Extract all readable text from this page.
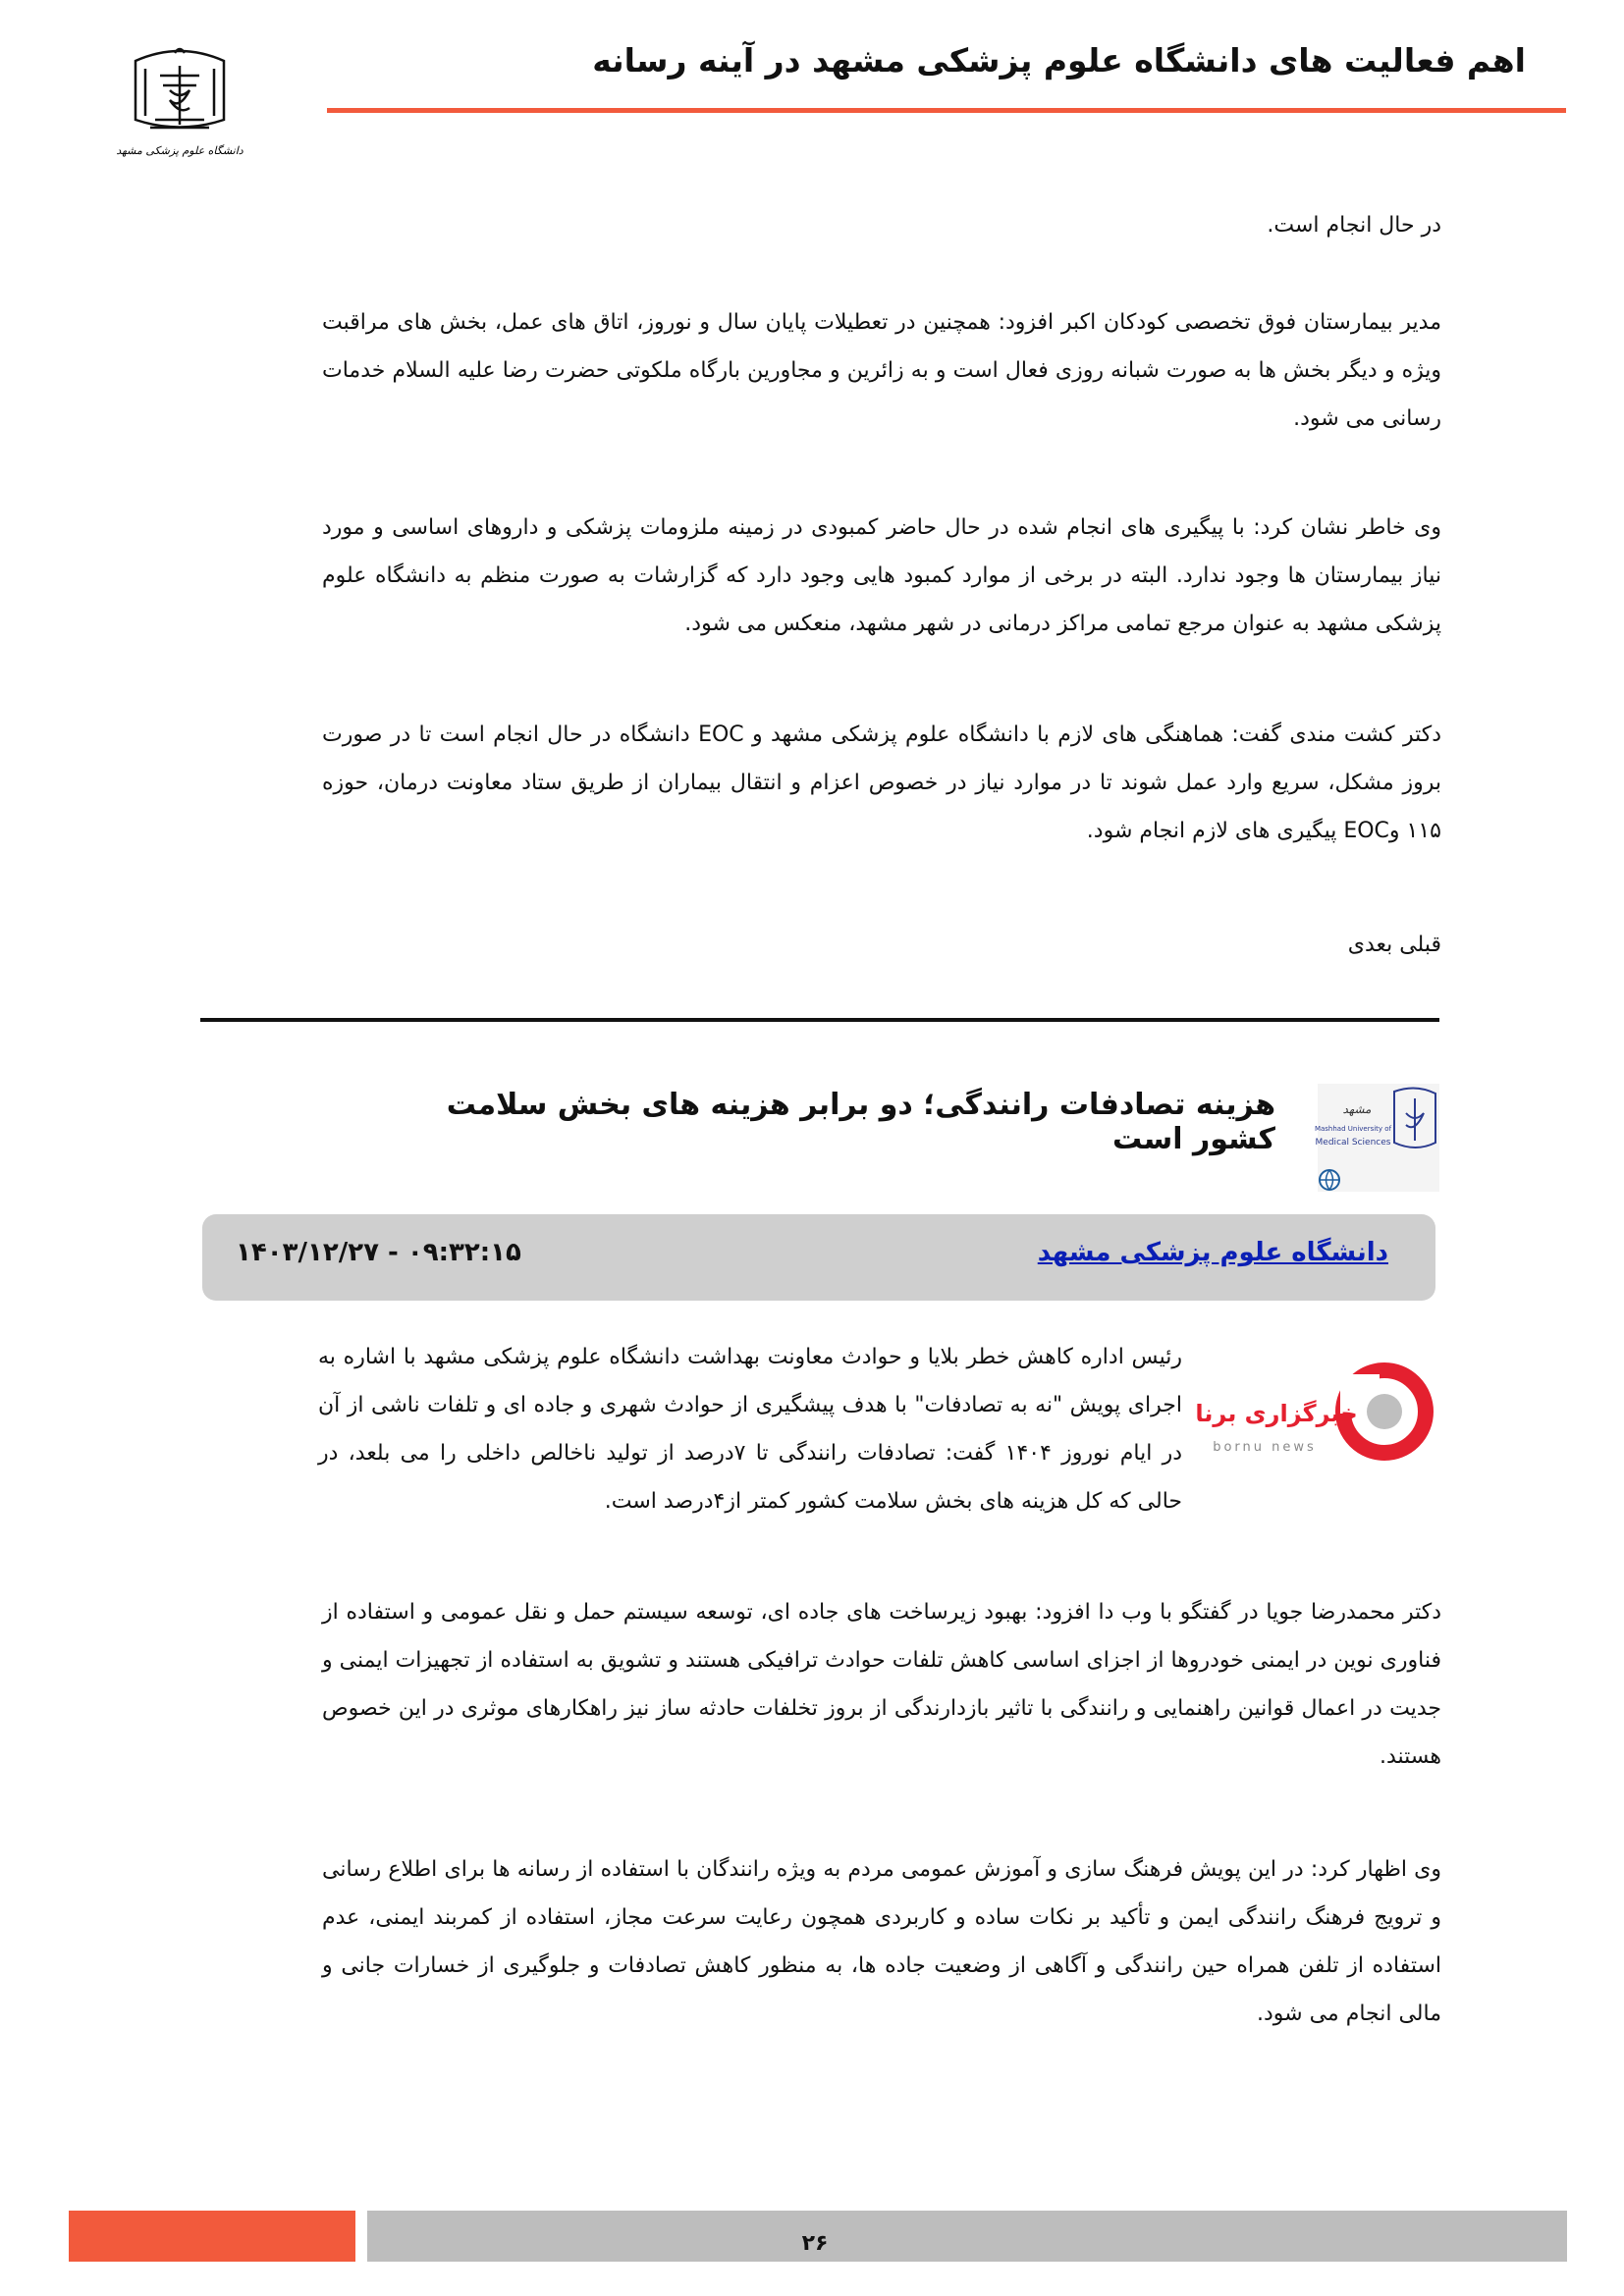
اهم فعالیت های دانشگاه علوم پزشکی مشهد در آینه رسانه
دانشگاه علوم پزشکی مشهد
در حال انجام است.
مدیر بیمارستان فوق تخصصی کودکان اکبر افزود: همچنین در تعطیلات پایان سال و نوروز، اتاق های عمل، بخش های مراقبت ویژه و دیگر بخش ها به صورت شبانه روزی فعال است و به زائرین و مجاورین بارگاه ملکوتی حضرت رضا علیه السلام خدمات رسانی می شود.
وی خاطر نشان کرد: با پیگیری های انجام شده در حال حاضر کمبودی در زمینه ملزومات پزشکی و داروهای اساسی و مورد نیاز بیمارستان ها وجود ندارد. البته در برخی از موارد کمبود هایی وجود دارد که گزارشات به صورت منظم به دانشگاه علوم پزشکی مشهد به عنوان مرجع تمامی مراکز درمانی در شهر مشهد، منعکس می شود.
دکتر کشت مندی گفت: هماهنگی های لازم با دانشگاه علوم پزشکی مشهد و EOC دانشگاه در حال انجام است تا در صورت بروز مشکل، سریع وارد عمل شوند تا در موارد نیاز در خصوص اعزام و انتقال بیماران از طریق ستاد معاونت درمان، حوزه ۱۱۵ وEOC پیگیری های لازم انجام شود.
قبلی بعدی
هزینه تصادفات رانندگی؛ دو برابر هزینه های بخش سلامت کشور است
مشهد
Mashhad University of
Medical Sciences
دانشگاه علوم پزشکی مشهد
۱۴۰۳/۱۲/۲۷ - ۰۹:۳۲:۱۵
خبرگزاری برنا
bornu news
رئیس اداره کاهش خطر بلایا و حوادث معاونت بهداشت دانشگاه علوم پزشکی مشهد با اشاره به اجرای پویش "نه به تصادفات" با هدف پیشگیری از حوادث شهری و جاده ای و تلفات ناشی از آن در ایام نوروز ۱۴۰۴ گفت: تصادفات رانندگی تا ۷درصد از تولید ناخالص داخلی را می بلعد، در حالی که کل هزینه های بخش سلامت کشور کمتر از۴درصد است.
دکتر محمدرضا جویا در گفتگو با وب دا افزود: بهبود زیرساخت های جاده ای، توسعه سیستم حمل و نقل عمومی و استفاده از فناوری نوین در ایمنی خودروها از اجزای اساسی کاهش تلفات حوادث ترافیکی هستند و تشویق به استفاده از تجهیزات ایمنی و جدیت در اعمال قوانین راهنمایی و رانندگی با تاثیر بازدارندگی از بروز تخلفات حادثه ساز نیز راهکارهای موثری در این خصوص هستند.
وی اظهار کرد: در این پویش فرهنگ سازی و آموزش عمومی مردم به ویژه رانندگان با استفاده از رسانه ها برای اطلاع رسانی و ترویج فرهنگ رانندگی ایمن و تأکید بر نکات ساده و کاربردی همچون رعایت سرعت مجاز، استفاده از کمربند ایمنی، عدم استفاده از تلفن همراه حین رانندگی و آگاهی از وضعیت جاده ها، به منظور کاهش تصادفات و جلوگیری از خسارات جانی و مالی انجام می شود.
۲۶
